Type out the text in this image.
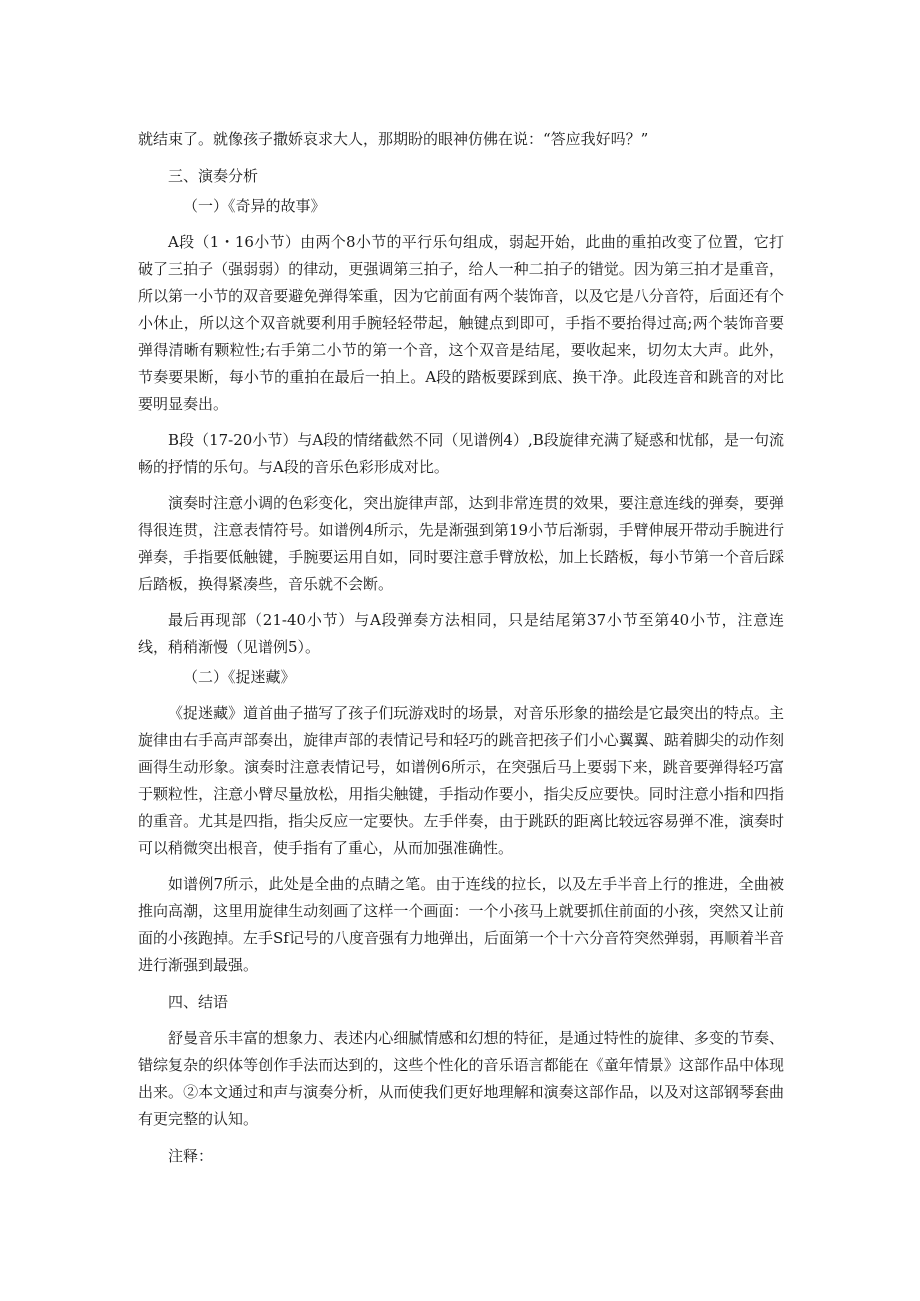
就结束了。就像孩子撒娇哀求大人，那期盼的眼神仿佛在说：“答应我好吗？”

三、演奏分析

（一）《奇异的故事》

A段（1・16小节）由两个8小节的平行乐句组成，弱起开始，此曲的重拍改变了位置，它打破了三拍子（强弱弱）的律动，更强调第三拍子，给人一种二拍子的错觉。因为第三拍才是重音，所以第一小节的双音要避免弹得笨重，因为它前面有两个装饰音，以及它是八分音符，后面还有个小休止，所以这个双音就要利用手腕轻轻带起，触键点到即可，手指不要抬得过高;两个装饰音要弹得清晰有颗粒性;右手第二小节的第一个音，这个双音是结尾，要收起来，切勿太大声。此外，节奏要果断，每小节的重拍在最后一拍上。A段的踏板要踩到底、换干净。此段连音和跳音的对比要明显奏出。

B段（17-20小节）与A段的情绪截然不同（见谱例4）,B段旋律充满了疑惑和忧郁，是一句流畅的抒情的乐句。与A段的音乐色彩形成对比。

演奏时注意小调的色彩变化，突出旋律声部，达到非常连贯的效果，要注意连线的弹奏，要弹得很连贯，注意表情符号。如谱例4所示，先是渐强到第19小节后渐弱，手臂伸展开带动手腕进行弹奏，手指要低触键，手腕要运用自如，同时要注意手臂放松，加上长踏板，每小节第一个音后踩后踏板，换得紧凑些，音乐就不会断。

最后再现部（21-40小节）与A段弹奏方法相同，只是结尾第37小节至第40小节，注意连线，稍稍渐慢（见谱例5）。

（二）《捉迷藏》

《捉迷藏》道首曲子描写了孩子们玩游戏时的场景，对音乐形象的描绘是它最突出的特点。主旋律由右手高声部奏出，旋律声部的表情记号和轻巧的跳音把孩子们小心翼翼、踮着脚尖的动作刻画得生动形象。演奏时注意表情记号，如谱例6所示，在突强后马上要弱下来，跳音要弹得轻巧富于颗粒性，注意小臂尽量放松，用指尖触键，手指动作要小，指尖反应要快。同时注意小指和四指的重音。尤其是四指，指尖反应一定要快。左手伴奏，由于跳跃的距离比较远容易弹不准，演奏时可以稍微突出根音，使手指有了重心，从而加强准确性。

如谱例7所示，此处是全曲的点睛之笔。由于连线的拉长，以及左手半音上行的推进，全曲被推向高潮，这里用旋律生动刻画了这样一个画面：一个小孩马上就要抓住前面的小孩，突然又让前面的小孩跑掉。左手Sf记号的八度音强有力地弹出，后面第一个十六分音符突然弹弱，再顺着半音进行渐强到最强。

四、结语

舒曼音乐丰富的想象力、表述内心细腻情感和幻想的特征，是通过特性的旋律、多变的节奏、错综复杂的织体等创作手法而达到的，这些个性化的音乐语言都能在《童年情景》这部作品中体现出来。②本文通过和声与演奏分析，从而使我们更好地理解和演奏这部作品，以及对这部钢琴套曲有更完整的认知。

注释：
